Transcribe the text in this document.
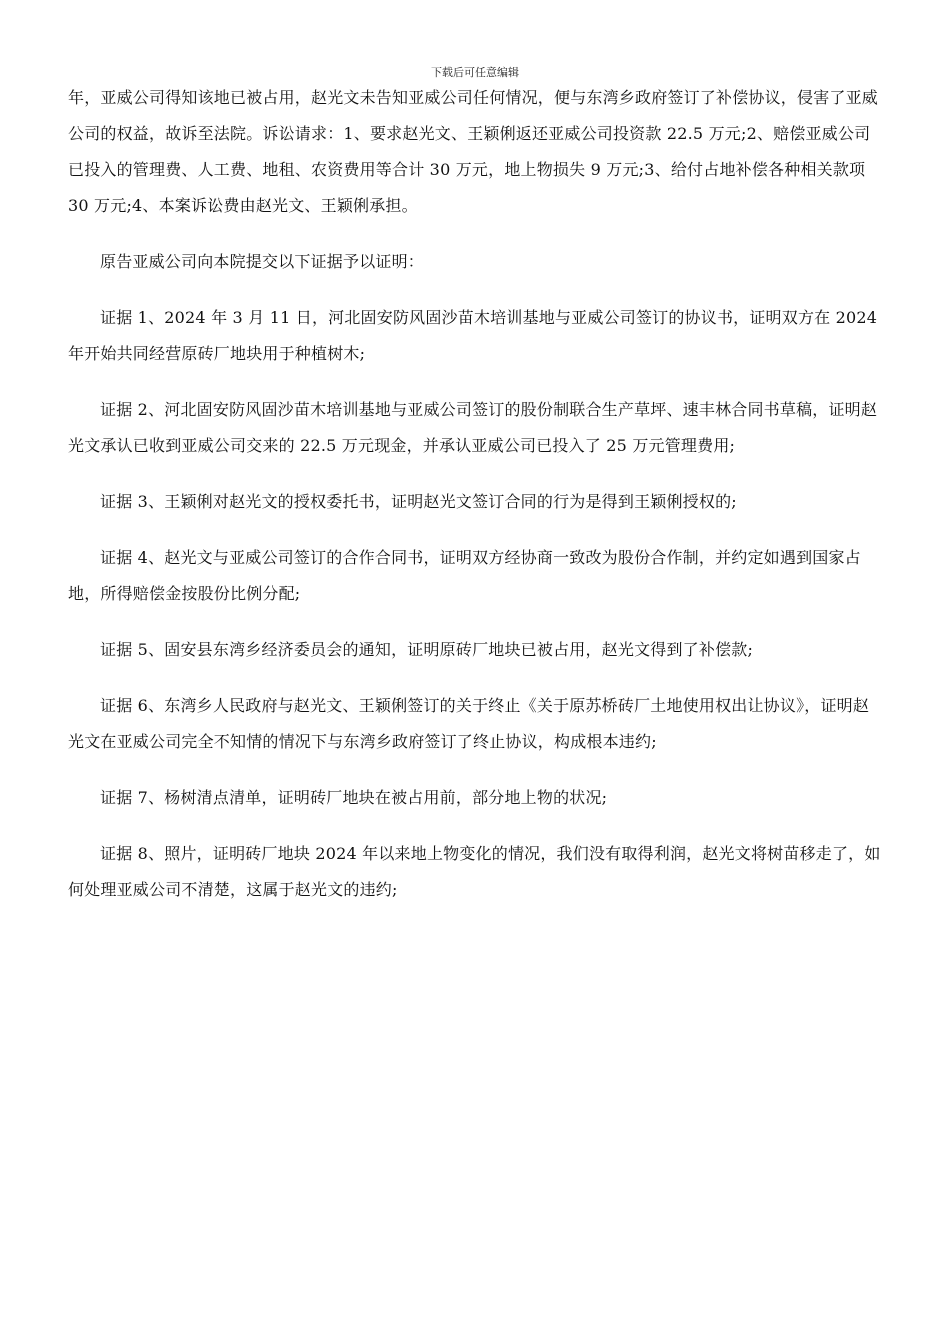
下载后可任意编辑

年，亚威公司得知该地已被占用，赵光文未告知亚威公司任何情况，便与东湾乡政府签订了补偿协议，侵害了亚威公司的权益，故诉至法院。诉讼请求：1、要求赵光文、王颖俐返还亚威公司投资款 22.5 万元;2、赔偿亚威公司已投入的管理费、人工费、地租、农资费用等合计 30 万元，地上物损失 9 万元;3、给付占地补偿各种相关款项 30 万元;4、本案诉讼费由赵光文、王颖俐承担。

原告亚威公司向本院提交以下证据予以证明：

证据 1、2024 年 3 月 11 日，河北固安防风固沙苗木培训基地与亚威公司签订的协议书，证明双方在 2024 年开始共同经营原砖厂地块用于种植树木;

证据 2、河北固安防风固沙苗木培训基地与亚威公司签订的股份制联合生产草坪、速丰林合同书草稿，证明赵光文承认已收到亚威公司交来的 22.5 万元现金，并承认亚威公司已投入了 25 万元管理费用;

证据 3、王颖俐对赵光文的授权委托书，证明赵光文签订合同的行为是得到王颖俐授权的;

证据 4、赵光文与亚威公司签订的合作合同书，证明双方经协商一致改为股份合作制，并约定如遇到国家占地，所得赔偿金按股份比例分配;

证据 5、固安县东湾乡经济委员会的通知，证明原砖厂地块已被占用，赵光文得到了补偿款;

证据 6、东湾乡人民政府与赵光文、王颖俐签订的关于终止《关于原苏桥砖厂土地使用权出让协议》，证明赵光文在亚威公司完全不知情的情况下与东湾乡政府签订了终止协议，构成根本违约;

证据 7、杨树清点清单，证明砖厂地块在被占用前，部分地上物的状况;

证据 8、照片，证明砖厂地块 2024 年以来地上物变化的情况，我们没有取得利润，赵光文将树苗移走了，如何处理亚威公司不清楚，这属于赵光文的违约;
